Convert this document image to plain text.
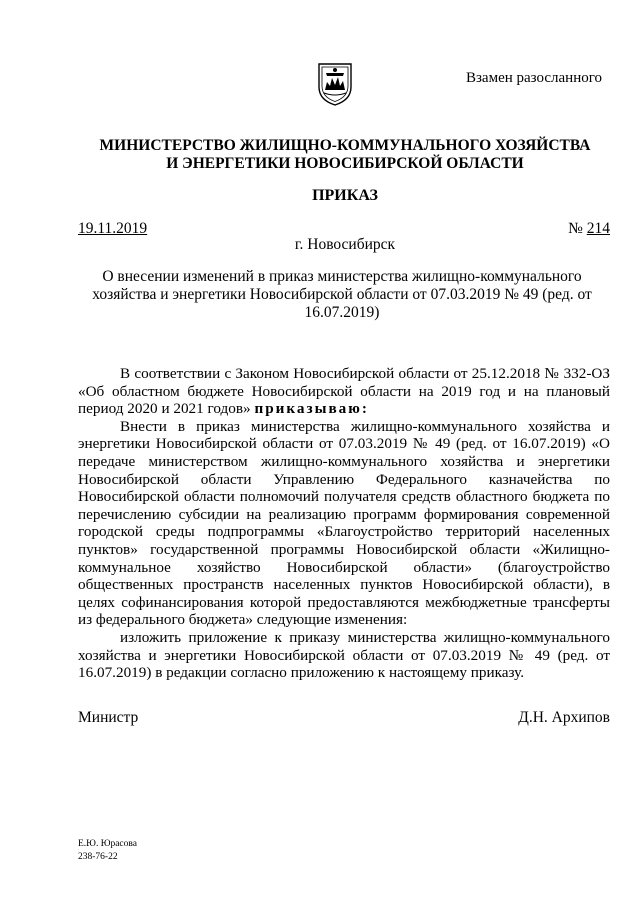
Взамен разосланного
МИНИСТЕРСТВО ЖИЛИЩНО-КОММУНАЛЬНОГО ХОЗЯЙСТВА
И ЭНЕРГЕТИКИ НОВОСИБИРСКОЙ ОБЛАСТИ
ПРИКАЗ
19.11.2019	№ 214
г. Новосибирск
О внесении изменений в приказ министерства жилищно-коммунального хозяйства и энергетики Новосибирской области от 07.03.2019 № 49 (ред. от 16.07.2019)

В соответствии с Законом Новосибирской области от 25.12.2018 № 332-ОЗ «Об областном бюджете Новосибирской области на 2019 год и на плановый период 2020 и 2021 годов» приказываю:

Внести в приказ министерства жилищно-коммунального хозяйства и энергетики Новосибирской области от 07.03.2019 № 49 (ред. от 16.07.2019) «О передаче министерством жилищно-коммунального хозяйства и энергетики Новосибирской области Управлению Федерального казначейства по Новосибирской области полномочий получателя средств областного бюджета по перечислению субсидии на реализацию программ формирования современной городской среды подпрограммы «Благоустройство территорий населенных пунктов» государственной программы Новосибирской области «Жилищно-коммунальное хозяйство Новосибирской области» (благоустройство общественных пространств населенных пунктов Новосибирской области), в целях софинансирования которой предоставляются межбюджетные трансферты из федерального бюджета» следующие изменения:

изложить приложение к приказу министерства жилищно-коммунального хозяйства и энергетики Новосибирской области от 07.03.2019 № 49 (ред. от 16.07.2019) в редакции согласно приложению к настоящему приказу.

Министр	Д.Н. Архипов
Е.Ю. Юрасова
238-76-22
